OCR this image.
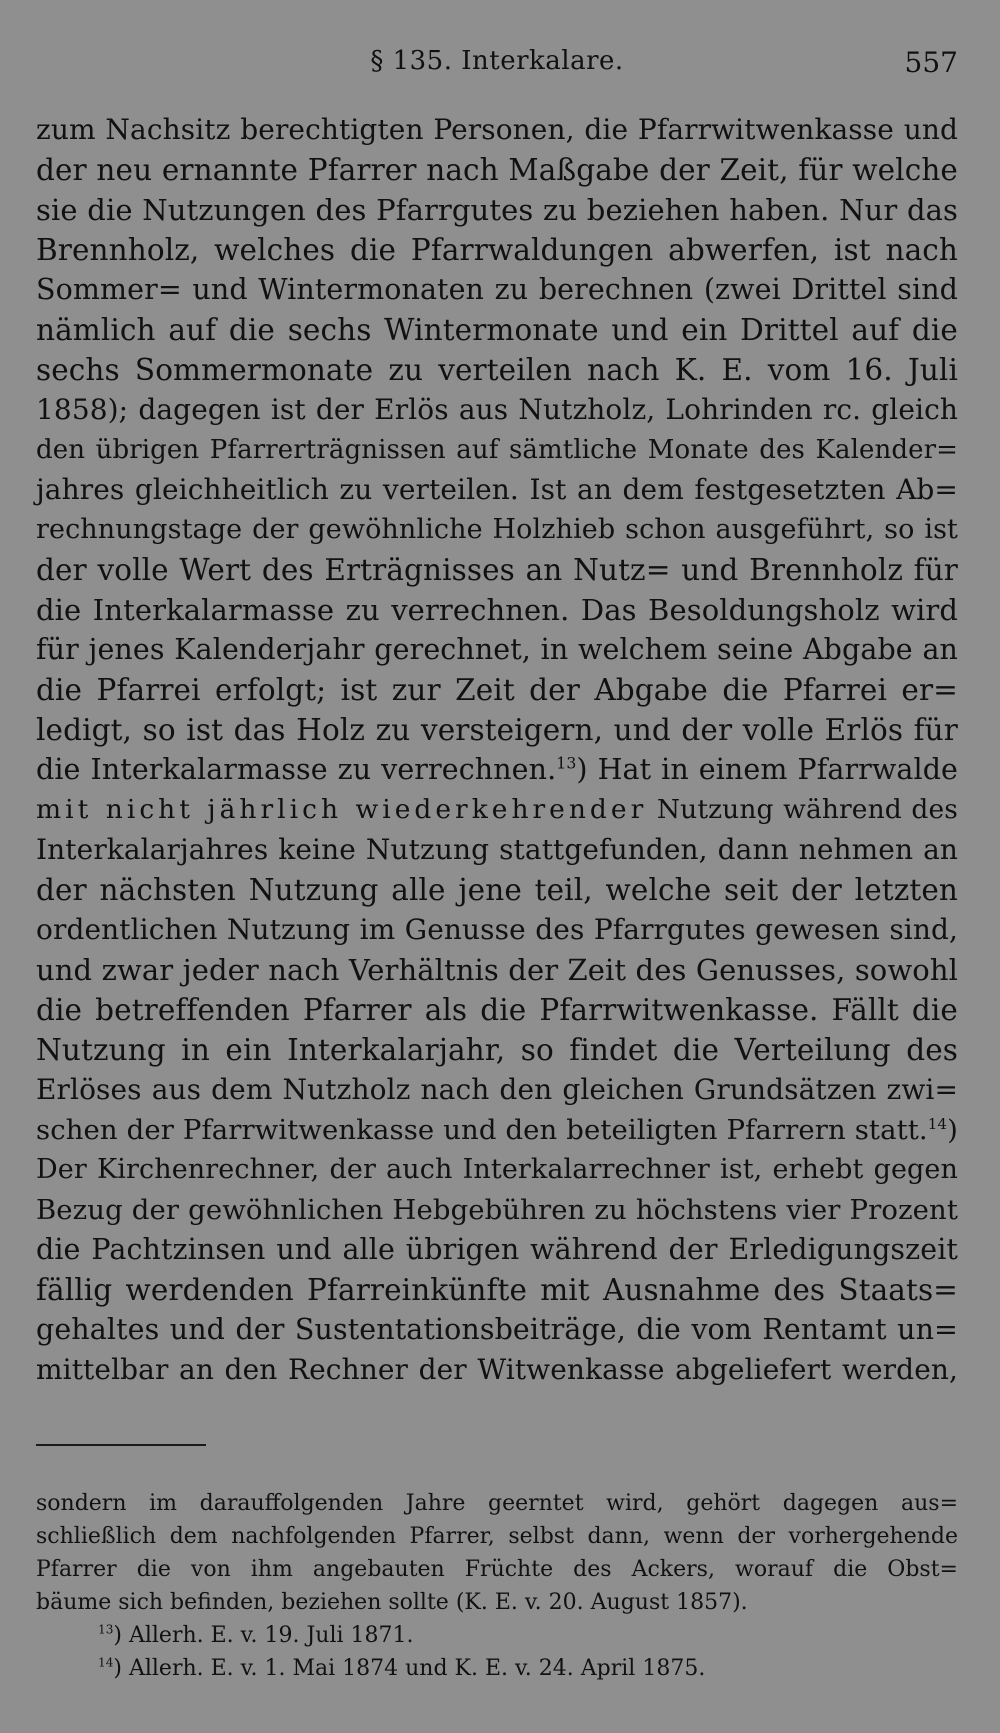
§ 135. Interkalare.	557
zum Nachsitz berechtigten Personen, die Pfarrwitwenkasse und
der neu ernannte Pfarrer nach Maßgabe der Zeit, für welche
sie die Nutzungen des Pfarrgutes zu beziehen haben. Nur das
Brennholz, welches die Pfarrwaldungen abwerfen, ist nach
Sommer= und Wintermonaten zu berechnen (zwei Drittel sind
nämlich auf die sechs Wintermonate und ein Drittel auf die
sechs Sommermonate zu verteilen nach K. E. vom 16. Juli
1858); dagegen ist der Erlös aus Nutzholz, Lohrinden rc. gleich
den übrigen Pfarrerträgnissen auf sämtliche Monate des Kalender=
jahres gleichheitlich zu verteilen. Ist an dem festgesetzten Ab=
rechnungstage der gewöhnliche Holzhieb schon ausgeführt, so ist
der volle Wert des Erträgnisses an Nutz= und Brennholz für
die Interkalarmasse zu verrechnen. Das Besoldungsholz wird
für jenes Kalenderjahr gerechnet, in welchem seine Abgabe an
die Pfarrei erfolgt; ist zur Zeit der Abgabe die Pfarrei er=
ledigt, so ist das Holz zu versteigern, und der volle Erlös für
die Interkalarmasse zu verrechnen.$^{13}$) Hat in einem Pfarrwalde
mit nicht jährlich wiederkehrender Nutzung während des
Interkalarjahres keine Nutzung stattgefunden, dann nehmen an
der nächsten Nutzung alle jene teil, welche seit der letzten
ordentlichen Nutzung im Genusse des Pfarrgutes gewesen sind,
und zwar jeder nach Verhältnis der Zeit des Genusses, sowohl
die betreffenden Pfarrer als die Pfarrwitwenkasse. Fällt die
Nutzung in ein Interkalarjahr, so findet die Verteilung des
Erlöses aus dem Nutzholz nach den gleichen Grundsätzen zwi=
schen der Pfarrwitwenkasse und den beteiligten Pfarrern statt.$^{14}$)
Der Kirchenrechner, der auch Interkalarrechner ist, erhebt gegen
Bezug der gewöhnlichen Hebgebühren zu höchstens vier Prozent
die Pachtzinsen und alle übrigen während der Erledigungszeit
fällig werdenden Pfarreinkünfte mit Ausnahme des Staats=
gehaltes und der Sustentationsbeiträge, die vom Rentamt un=
mittelbar an den Rechner der Witwenkasse abgeliefert werden,
sondern im darauffolgenden Jahre geerntet wird, gehört dagegen aus=
schließlich dem nachfolgenden Pfarrer, selbst dann, wenn der vorhergehende
Pfarrer die von ihm angebauten Früchte des Ackers, worauf die Obst=
bäume sich befinden, beziehen sollte (K. E. v. 20. August 1857).
$^{13}$) Allerh. E. v. 19. Juli 1871.
$^{14}$) Allerh. E. v. 1. Mai 1874 und K. E. v. 24. April 1875.
